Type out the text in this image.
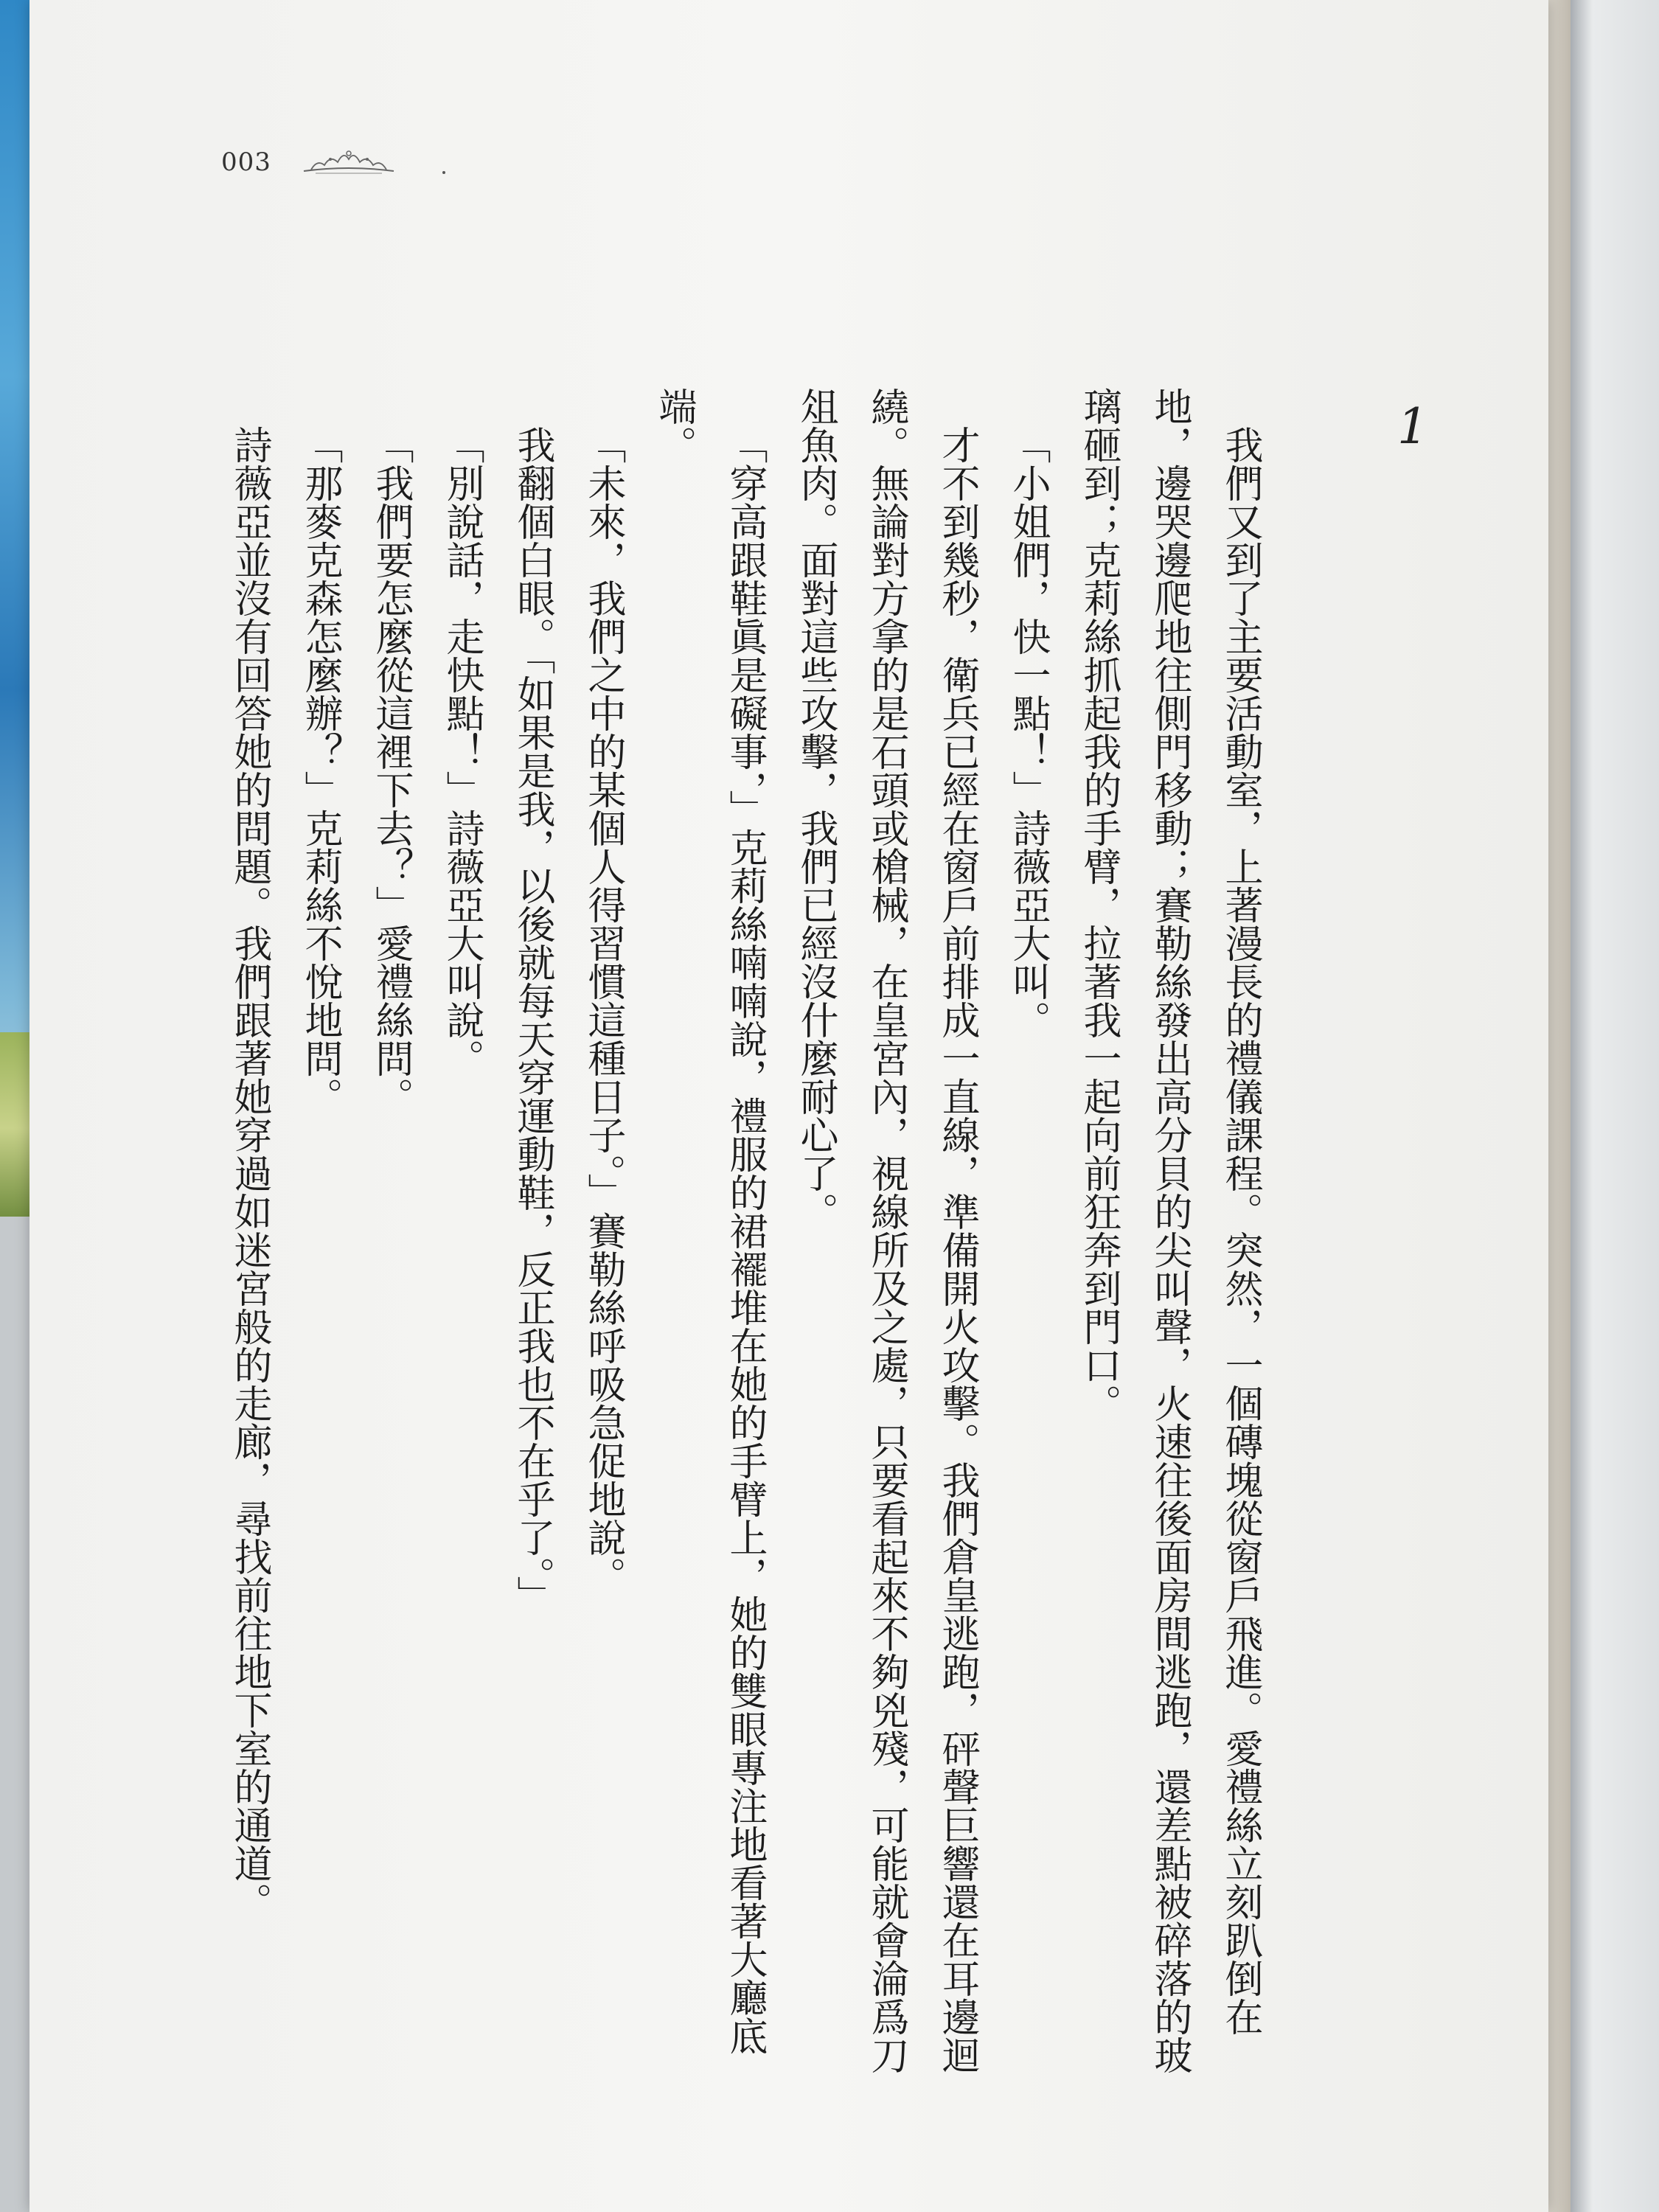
003
1

我們又到了主要活動室，上著漫長的禮儀課程。突然，一個磚塊從窗戶飛進。愛禮絲立刻趴倒在地，邊哭邊爬地往側門移動；賽勒絲發出高分貝的尖叫聲，火速往後面房間逃跑，還差點被碎落的玻璃砸到；克莉絲抓起我的手臂，拉著我一起向前狂奔到門口。

「小姐們，快一點！」詩薇亞大叫。

才不到幾秒，衛兵已經在窗戶前排成一直線，準備開火攻擊。我們倉皇逃跑，砰聲巨響還在耳邊迴繞。無論對方拿的是石頭或槍械，在皇宮內，視線所及之處，只要看起來不夠兇殘，可能就會淪爲刀俎魚肉。面對這些攻擊，我們已經沒什麼耐心了。

「穿高跟鞋眞是礙事，」克莉絲喃喃說，禮服的裙襬堆在她的手臂上，她的雙眼專注地看著大廳底端。

「未來，我們之中的某個人得習慣這種日子。」賽勒絲呼吸急促地說。

我翻個白眼。「如果是我，以後就每天穿運動鞋，反正我也不在乎了。」

「別說話，走快點！」詩薇亞大叫說。

「我們要怎麼從這裡下去？」愛禮絲問。

「那麥克森怎麼辦？」克莉絲不悅地問。

詩薇亞並沒有回答她的問題。我們跟著她穿過如迷宮般的走廊，尋找前往地下室的通道。
